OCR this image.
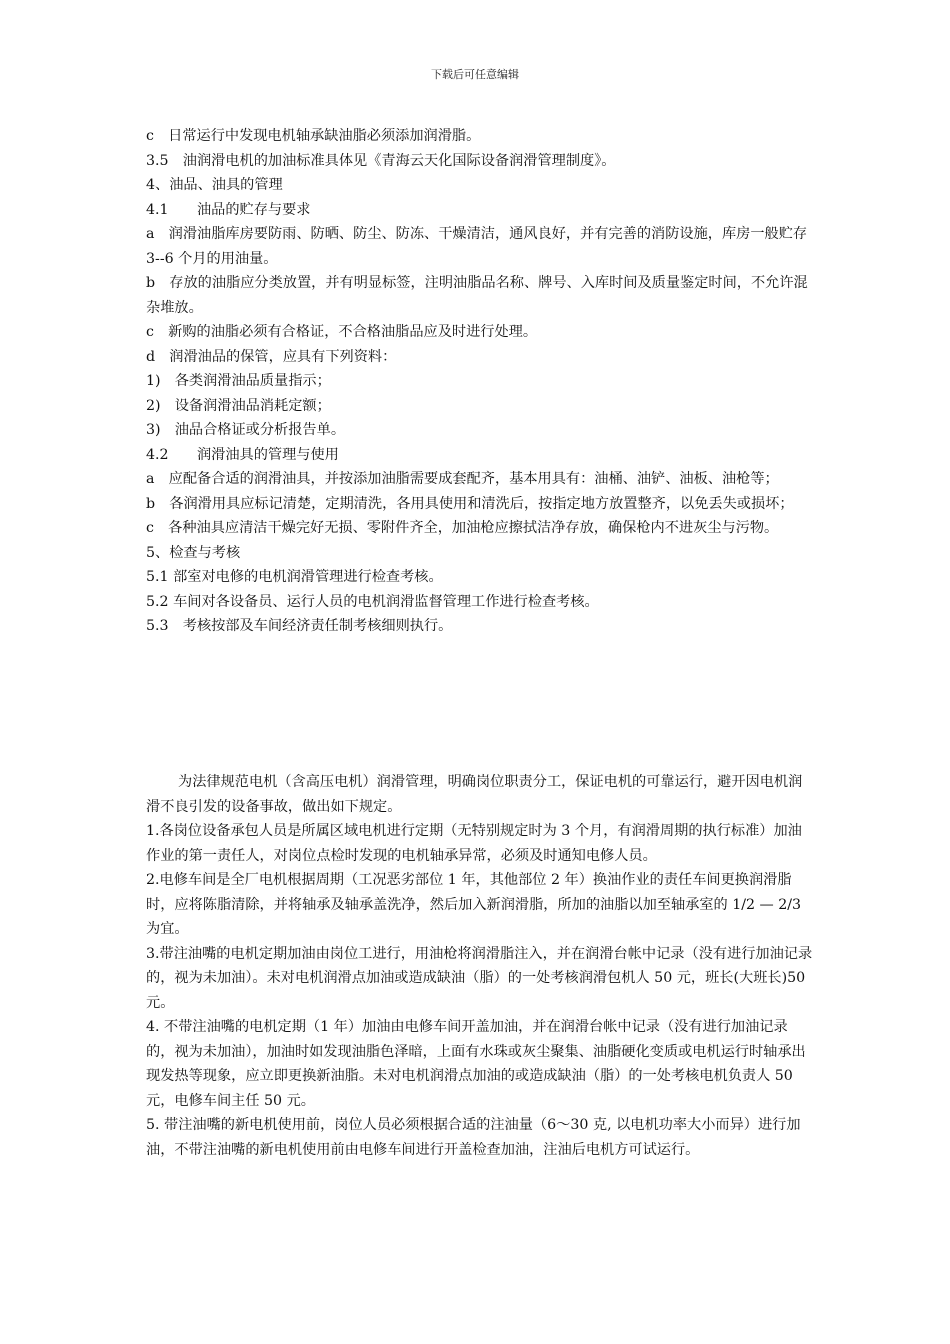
下载后可任意编辑

c　日常运行中发现电机轴承缺油脂必须添加润滑脂。

3.5　油润滑电机的加油标准具体见《青海云天化国际设备润滑管理制度》。

4、油品、油具的管理

4.1　　油品的贮存与要求

a　润滑油脂库房要防雨、防晒、防尘、防冻、干燥清洁，通风良好，并有完善的消防设施，库房一般贮存 3--6 个月的用油量。

b　存放的油脂应分类放置，并有明显标签，注明油脂品名称、牌号、入库时间及质量鉴定时间，不允许混杂堆放。

c　新购的油脂必须有合格证，不合格油脂品应及时进行处理。

d　润滑油品的保管，应具有下列资料：

1)　各类润滑油品质量指示；

2)　设备润滑油品消耗定额；

3)　油品合格证或分析报告单。

4.2　　润滑油具的管理与使用

a　应配备合适的润滑油具，并按添加油脂需要成套配齐，基本用具有：油桶、油铲、油板、油枪等；

b　各润滑用具应标记清楚，定期清洗，各用具使用和清洗后，按指定地方放置整齐，以免丢失或损坏；

c　各种油具应清洁干燥完好无损、零附件齐全，加油枪应擦拭洁净存放，确保枪内不进灰尘与污物。

5、检查与考核

5.1 部室对电修的电机润滑管理进行检查考核。

5.2 车间对各设备员、运行人员的电机润滑监督管理工作进行检查考核。

5.3　考核按部及车间经济责任制考核细则执行。

为法律规范电机（含高压电机）润滑管理，明确岗位职责分工，保证电机的可靠运行，避开因电机润滑不良引发的设备事故，做出如下规定。

1.各岗位设备承包人员是所属区域电机进行定期（无特别规定时为 3 个月，有润滑周期的执行标准）加油作业的第一责任人，对岗位点检时发现的电机轴承异常，必须及时通知电修人员。

2.电修车间是全厂电机根据周期（工况恶劣部位 1 年，其他部位 2 年）换油作业的责任车间更换润滑脂时，应将陈脂清除，并将轴承及轴承盖洗净，然后加入新润滑脂，所加的油脂以加至轴承室的 1/2 — 2/3 为宜。

3.带注油嘴的电机定期加油由岗位工进行，用油枪将润滑脂注入，并在润滑台帐中记录（没有进行加油记录的，视为未加油）。未对电机润滑点加油或造成缺油（脂）的一处考核润滑包机人 50 元，班长(大班长)50 元。

4. 不带注油嘴的电机定期（1 年）加油由电修车间开盖加油，并在润滑台帐中记录（没有进行加油记录的，视为未加油），加油时如发现油脂色泽暗，上面有水珠或灰尘聚集、油脂硬化变质或电机运行时轴承出现发热等现象，应立即更换新油脂。未对电机润滑点加油的或造成缺油（脂）的一处考核电机负责人 50 元，电修车间主任 50 元。

5. 带注油嘴的新电机使用前，岗位人员必须根据合适的注油量（6～30 克, 以电机功率大小而异）进行加油，不带注油嘴的新电机使用前由电修车间进行开盖检查加油，注油后电机方可试运行。
